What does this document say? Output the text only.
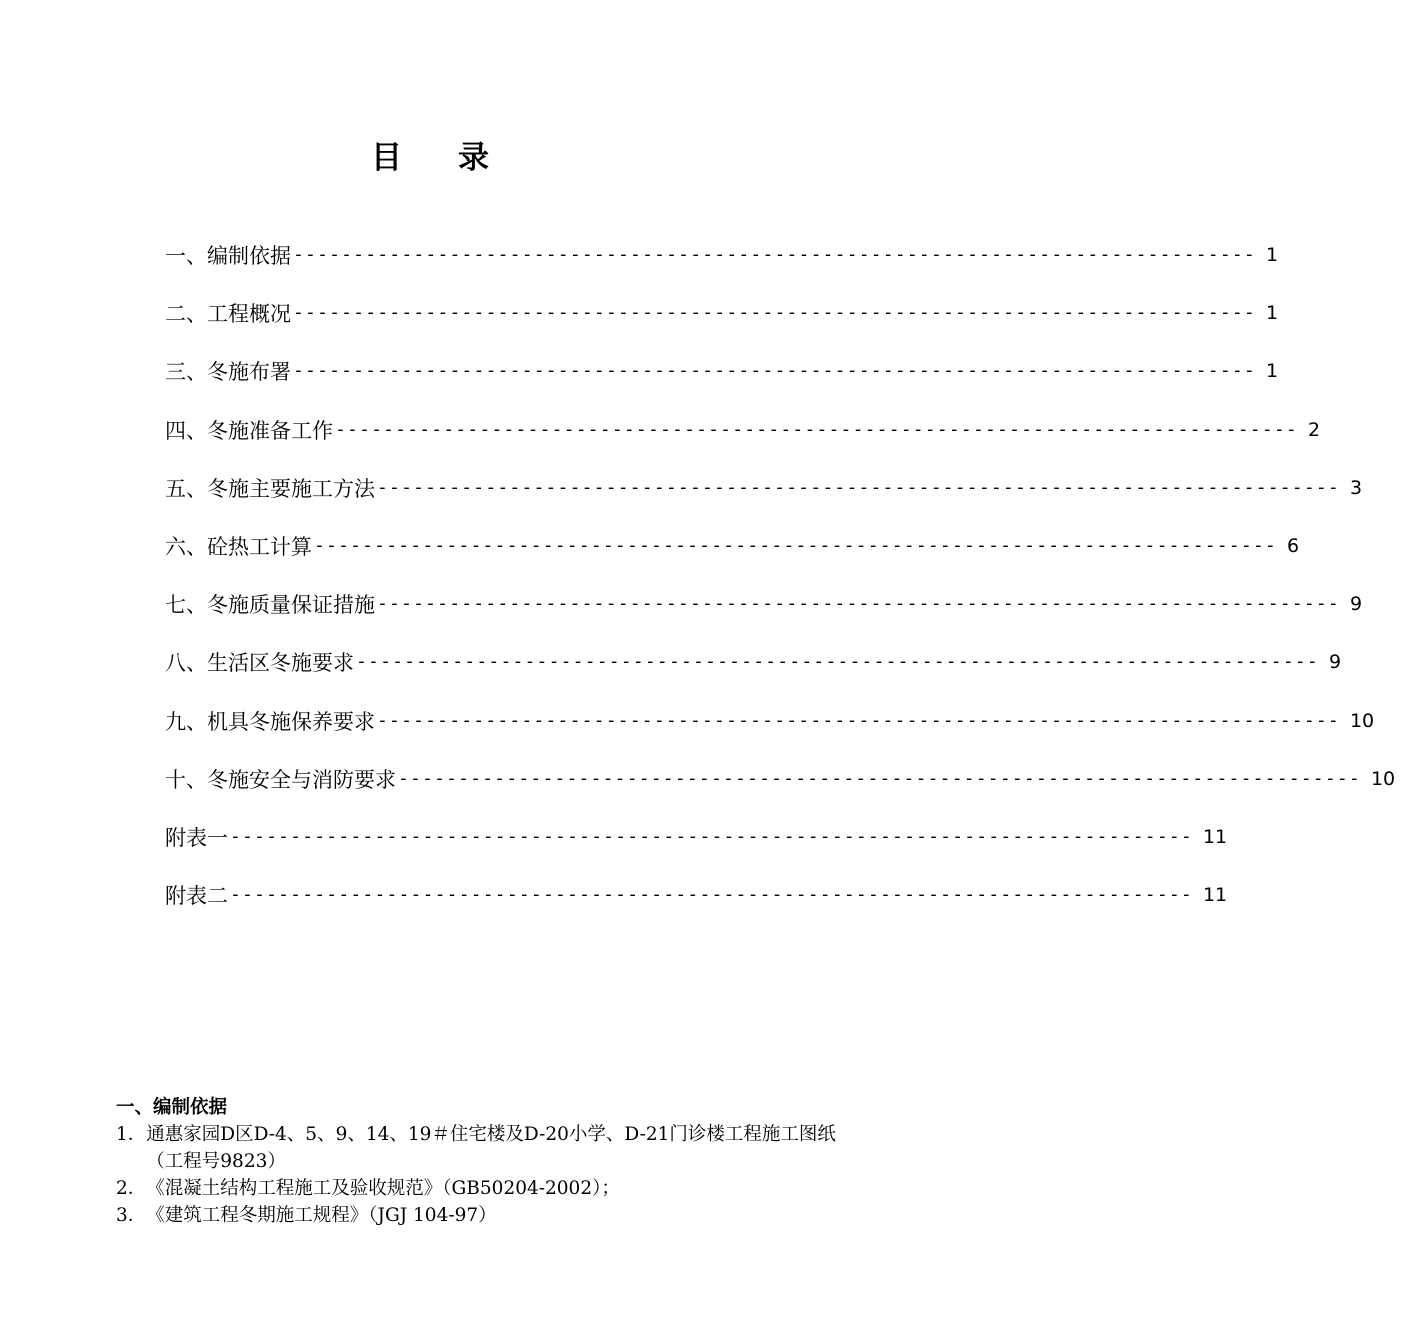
目 录
一、编制依据 -------------------------------------------------------------------------------- 1
二、工程概况 -------------------------------------------------------------------------------- 1
三、冬施布署 -------------------------------------------------------------------------------- 1
四、冬施准备工作 -------------------------------------------------------------------------------- 2
五、冬施主要施工方法 -------------------------------------------------------------------------------- 3
六、砼热工计算 -------------------------------------------------------------------------------- 6
七、冬施质量保证措施 -------------------------------------------------------------------------------- 9
八、生活区冬施要求 -------------------------------------------------------------------------------- 9
九、机具冬施保养要求 -------------------------------------------------------------------------------- 10
十、冬施安全与消防要求 -------------------------------------------------------------------------------- 10
附表一 -------------------------------------------------------------------------------- 11
附表二 -------------------------------------------------------------------------------- 11
一、编制依据
1． 通惠家园D区D-4、5、9、14、19＃住宅楼及D-20小学、D-21门诊楼工程施工图纸（工程号9823）
2． 《混凝土结构工程施工及验收规范》（GB50204-2002）；
3． 《建筑工程冬期施工规程》（JGJ 104-97）
